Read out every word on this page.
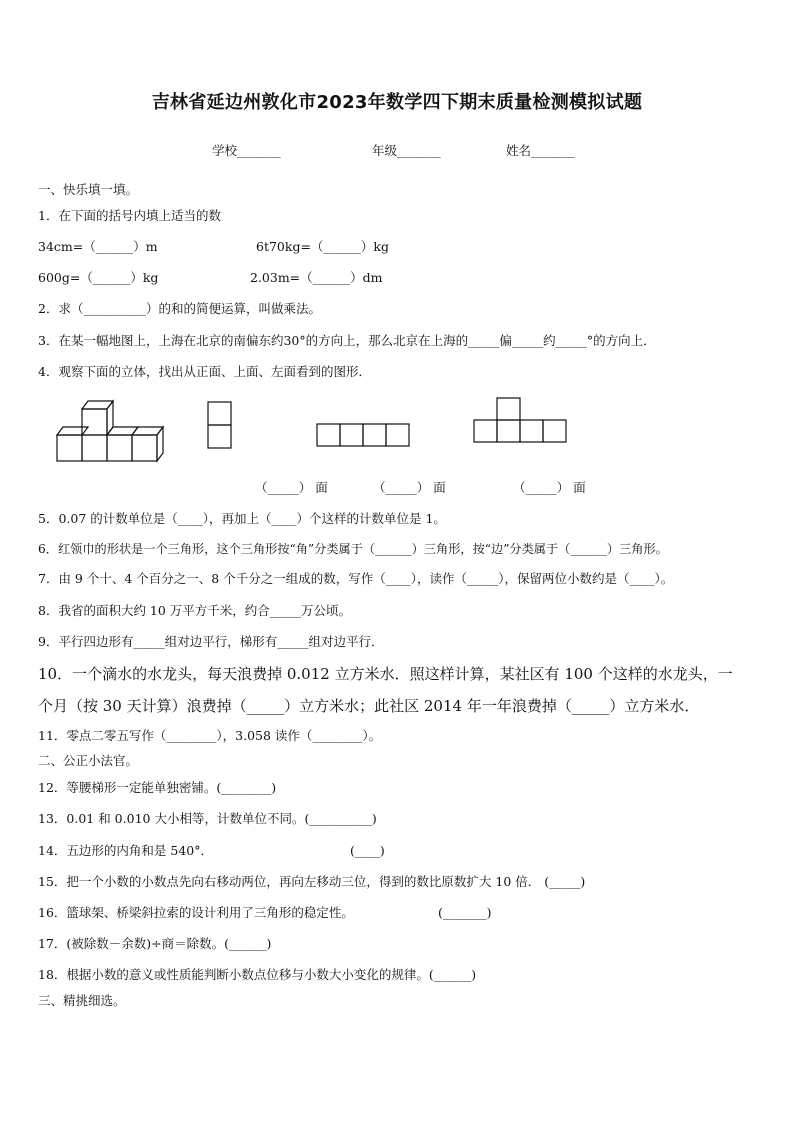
吉林省延边州敦化市2023年数学四下期末质量检测模拟试题
学校_______	年级_______	姓名_______
一、快乐填一填。
1．在下面的括号内填上适当的数
34cm=（______）m	6t70kg=（______）kg
600g=（______）kg	2.03m=（______）dm
2．求（__________）的和的简便运算，叫做乘法。
3．在某一幅地图上，上海在北京的南偏东约30°的方向上，那么北京在上海的_____偏_____约_____°的方向上．
4．观察下面的立体，找出从正面、上面、左面看到的图形．
（_____） 面	（_____） 面	（_____） 面
5．0.07 的计数单位是（____），再加上（____）个这样的计数单位是 1。
6．红领巾的形状是一个三角形，这个三角形按“角”分类属于（______）三角形，按“边”分类属于（______）三角形。
7．由 9 个十、4 个百分之一、8 个千分之一组成的数，写作（____），读作（_____），保留两位小数约是（____）。
8．我省的面积大约 10 万平方千米，约合_____万公顷。
9．平行四边形有_____组对边平行，梯形有_____组对边平行．
10．一个滴水的水龙头，每天浪费掉 0.012 立方米水．照这样计算，某社区有 100 个这样的水龙头，一
个月（按 30 天计算）浪费掉（_____）立方米水；此社区 2014 年一年浪费掉（_____）立方米水．
11．零点二零五写作（________），3.058 读作（________）。
二、公正小法官。
12．等腰梯形一定能单独密铺。(________)
13．0.01 和 0.010 大小相等，计数单位不同。(__________)
14．五边形的内角和是 540°．	(____)
15．把一个小数的小数点先向右移动两位，再向左移动三位，得到的数比原数扩大 10 倍． (_____)
16．篮球架、桥梁斜拉索的设计利用了三角形的稳定性。	(_______)
17．(被除数－余数)÷商＝除数。(______)
18．根据小数的意义或性质能判断小数点位移与小数大小变化的规律。(______)
三、精挑细选。
